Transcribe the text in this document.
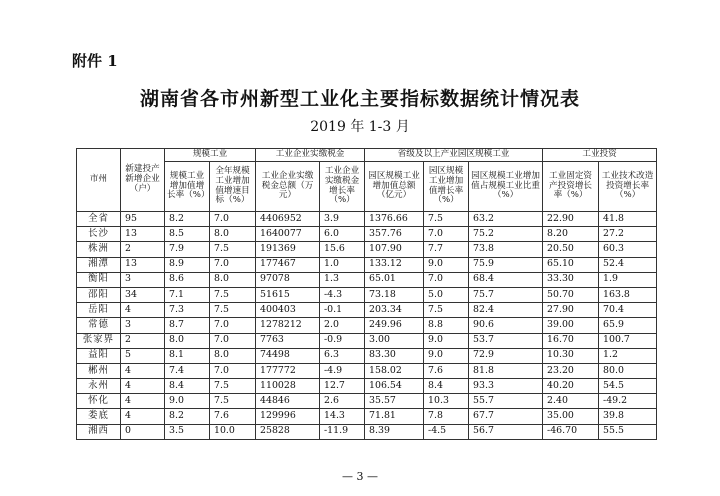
附件 1
湖南省各市州新型工业化主要指标数据统计情况表
2019 年 1-3 月
市州	新建投产新增企业（户）	规模工业		工业企业实缴税金		省级及以上产业园区规模工业			工业投资	
		规模工业增加值增长率（%）	全年规模工业增加值增速目标（%）	工业企业实缴税金总额（万元）	工业企业实缴税金增长率（%）	园区规模工业增加值总额（亿元）	园区规模工业增加值增长率（%）	园区规模工业增加值占规模工业比重（%）	工业固定资产投资增长率（%）	工业技术改造投资增长率（%）
全省	95	8.2	7.0	4406952	3.9	1376.66	7.5	63.2	22.90	41.8
长沙	13	8.5	8.0	1640077	6.0	357.76	7.0	75.2	8.20	27.2
株洲	2	7.9	7.5	191369	15.6	107.90	7.7	73.8	20.50	60.3
湘潭	13	8.9	7.0	177467	1.0	133.12	9.0	75.9	65.10	52.4
衡阳	3	8.6	8.0	97078	1.3	65.01	7.0	68.4	33.30	1.9
邵阳	34	7.1	7.5	51615	-4.3	73.18	5.0	75.7	50.70	163.8
岳阳	4	7.3	7.5	400403	-0.1	203.34	7.5	82.4	27.90	70.4
常德	3	8.7	7.0	1278212	2.0	249.96	8.8	90.6	39.00	65.9
张家界	2	8.0	7.0	7763	-0.9	3.00	9.0	53.7	16.70	100.7
益阳	5	8.1	8.0	74498	6.3	83.30	9.0	72.9	10.30	1.2
郴州	4	7.4	7.0	177772	-4.9	158.02	7.6	81.8	23.20	80.0
永州	4	8.4	7.5	110028	12.7	106.54	8.4	93.3	40.20	54.5
怀化	4	9.0	7.5	44846	2.6	35.57	10.3	55.7	2.40	-49.2
娄底	4	8.2	7.6	129996	14.3	71.81	7.8	67.7	35.00	39.8
湘西	0	3.5	10.0	25828	-11.9	8.39	-4.5	56.7	-46.70	55.5
— 3 —
